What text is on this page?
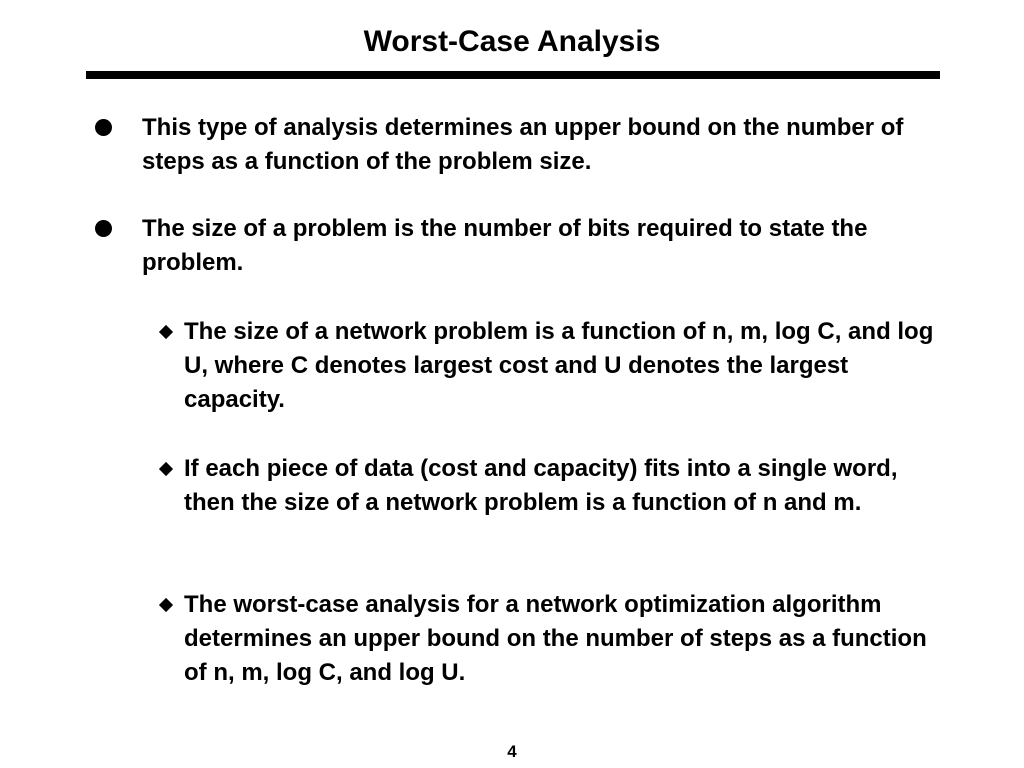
Worst-Case Analysis
This type of analysis determines an upper bound on the number of steps as a function of the problem size.
The size of a problem is the number of bits required to state the problem.
The size of a network problem is a function of n, m, log C, and log U, where C denotes largest cost and U denotes the largest capacity.
If each piece of data (cost and capacity) fits into a single word, then the size of a network problem is a function of n and m.
The worst-case analysis for a network optimization algorithm determines an upper bound on the number of steps as a function of n, m, log C, and log U.
4
